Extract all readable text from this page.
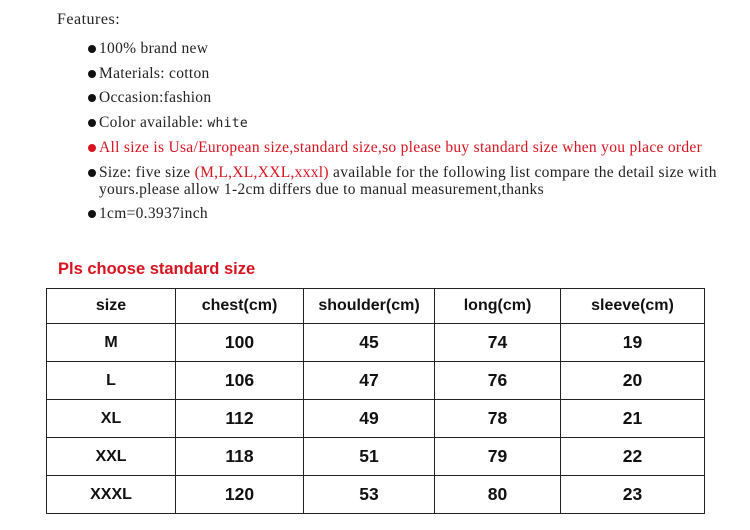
Features:
100% brand new
Materials: cotton
Occasion:fashion
Color available: white
All size is Usa/European size,standard size,so please buy standard size when you place order
Size: five size (M,L,XL,XXL,xxxl) available for the following list compare the detail size with yours.please allow 1-2cm differs due to manual measurement,thanks
1cm=0.3937inch
Pls choose standard size
size	chest(cm)	shoulder(cm)	long(cm)	sleeve(cm)
M	100	45	74	19
L	106	47	76	20
XL	112	49	78	21
XXL	118	51	79	22
XXXL	120	53	80	23
